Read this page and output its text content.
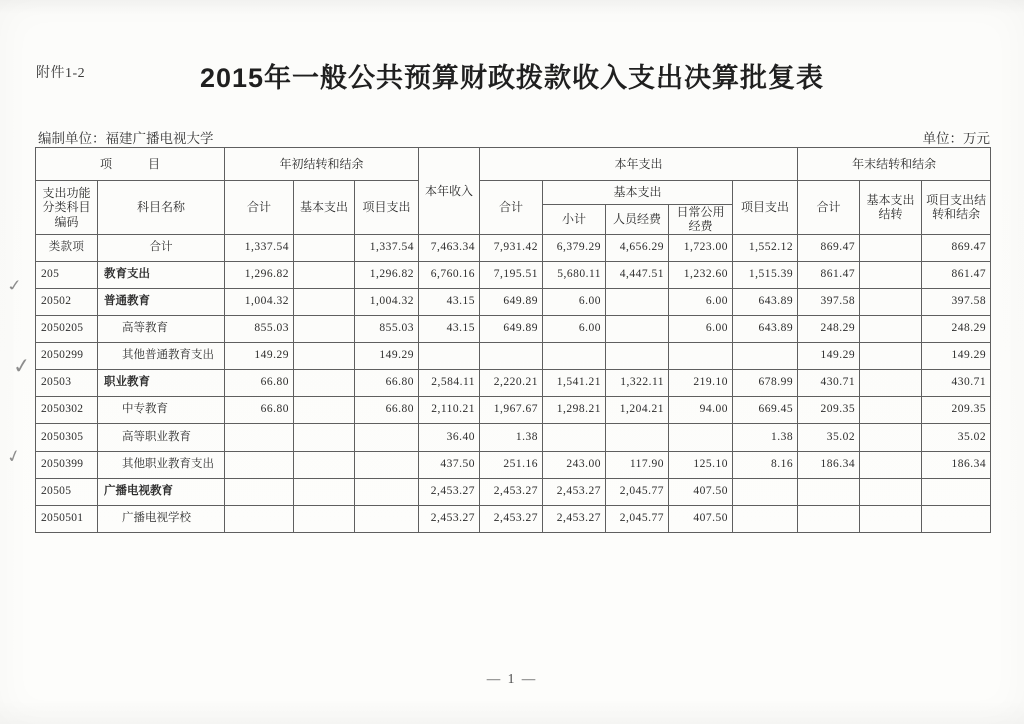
附件1-2	2015年一般公共预算财政拨款收入支出决算批复表
编制单位：福建广播电视大学	单位：万元
✓
✓
✓
项　　　目		年初结转和结余			本年收入	本年支出					年末结转和结余		
支出功能分类科目编码	科目名称	合计	基本支出	项目支出		合计	基本支出			项目支出	合计	基本支出结转	项目支出结转和结余
							小计	人员经费	日常公用经费				
类款项	合计	1,337.54		1,337.54	7,463.34	7,931.42	6,379.29	4,656.29	1,723.00	1,552.12	869.47		869.47
205	教育支出	1,296.82		1,296.82	6,760.16	7,195.51	5,680.11	4,447.51	1,232.60	1,515.39	861.47		861.47
20502	普通教育	1,004.32		1,004.32	43.15	649.89	6.00		6.00	643.89	397.58		397.58
2050205	高等教育	855.03		855.03	43.15	649.89	6.00		6.00	643.89	248.29		248.29
2050299	其他普通教育支出	149.29		149.29							149.29		149.29
20503	职业教育	66.80		66.80	2,584.11	2,220.21	1,541.21	1,322.11	219.10	678.99	430.71		430.71
2050302	中专教育	66.80		66.80	2,110.21	1,967.67	1,298.21	1,204.21	94.00	669.45	209.35		209.35
2050305	高等职业教育				36.40	1.38				1.38	35.02		35.02
2050399	其他职业教育支出				437.50	251.16	243.00	117.90	125.10	8.16	186.34		186.34
20505	广播电视教育				2,453.27	2,453.27	2,453.27	2,045.77	407.50				
2050501	广播电视学校				2,453.27	2,453.27	2,453.27	2,045.77	407.50				
— 1 —
